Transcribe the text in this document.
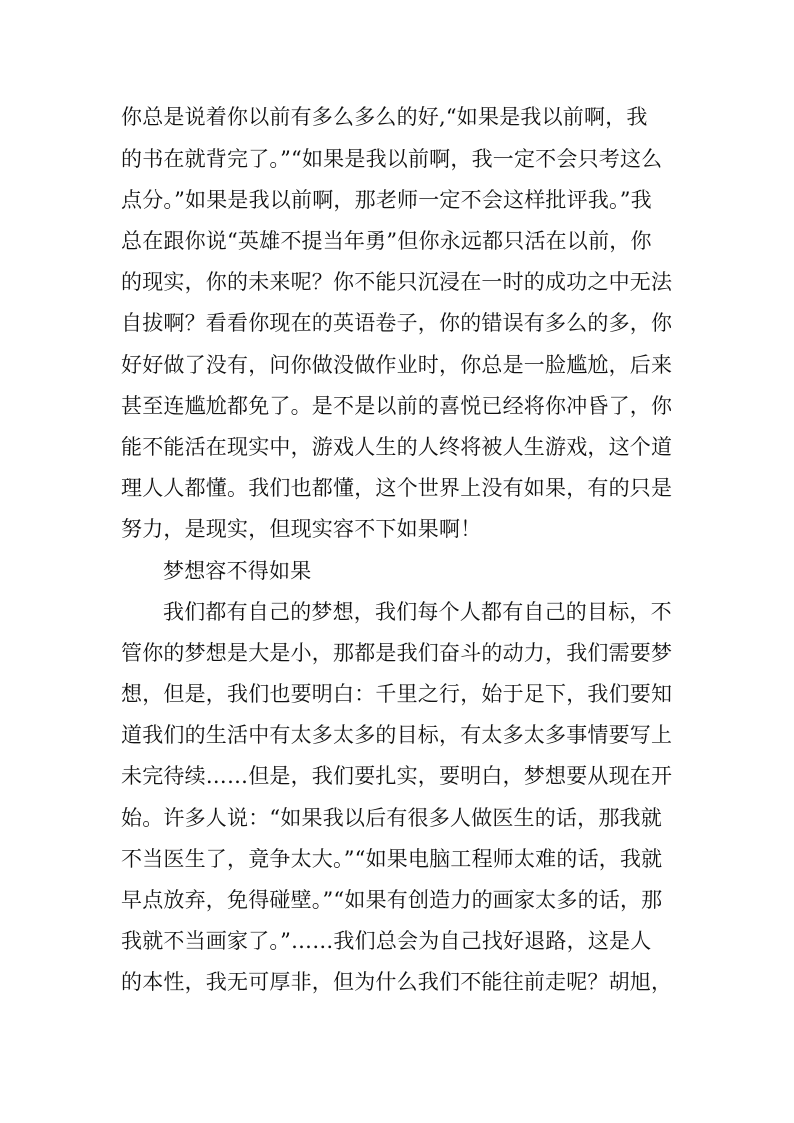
你总是说着你以前有多么多么的好,“如果是我以前啊，我
的书在就背完了。”“如果是我以前啊，我一定不会只考这么
点分。”如果是我以前啊，那老师一定不会这样批评我。”我
总在跟你说“英雄不提当年勇”但你永远都只活在以前，你
的现实，你的未来呢？你不能只沉浸在一时的成功之中无法
自拔啊？看看你现在的英语卷子，你的错误有多么的多，你
好好做了没有，问你做没做作业时，你总是一脸尴尬，后来
甚至连尴尬都免了。是不是以前的喜悦已经将你冲昏了，你
能不能活在现实中，游戏人生的人终将被人生游戏，这个道
理人人都懂。我们也都懂，这个世界上没有如果，有的只是
努力，是现实，但现实容不下如果啊！
梦想容不得如果
我们都有自己的梦想，我们每个人都有自己的目标，不
管你的梦想是大是小，那都是我们奋斗的动力，我们需要梦
想，但是，我们也要明白：千里之行，始于足下，我们要知
道我们的生活中有太多太多的目标，有太多太多事情要写上
未完待续……但是，我们要扎实，要明白，梦想要从现在开
始。许多人说：“如果我以后有很多人做医生的话，那我就
不当医生了，竟争太大。”“如果电脑工程师太难的话，我就
早点放弃，免得碰壁。”“如果有创造力的画家太多的话，那
我就不当画家了。”……我们总会为自己找好退路，这是人
的本性，我无可厚非，但为什么我们不能往前走呢？胡旭，
